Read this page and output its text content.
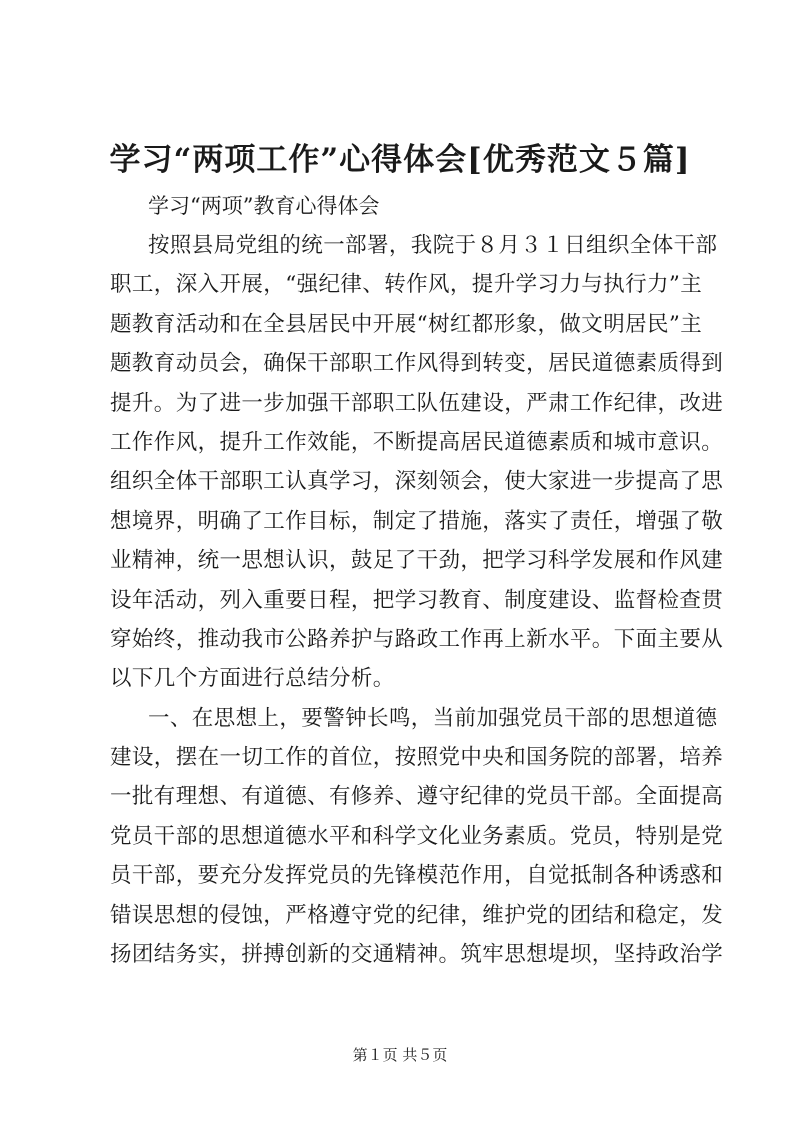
学习“两项工作”心得体会[优秀范文５篇]
学习“两项”教育心得体会
按照县局党组的统一部署，我院于８月３１日组织全体干部
职工，深入开展，“强纪律、转作风，提升学习力与执行力”主
题教育活动和在全县居民中开展“树红都形象，做文明居民”主
题教育动员会，确保干部职工作风得到转变，居民道德素质得到
提升。为了进一步加强干部职工队伍建设，严肃工作纪律，改进
工作作风，提升工作效能，不断提高居民道德素质和城市意识。
组织全体干部职工认真学习，深刻领会，使大家进一步提高了思
想境界，明确了工作目标，制定了措施，落实了责任，增强了敬
业精神，统一思想认识，鼓足了干劲，把学习科学发展和作风建
设年活动，列入重要日程，把学习教育、制度建设、监督检查贯
穿始终，推动我市公路养护与路政工作再上新水平。下面主要从
以下几个方面进行总结分析。
一、在思想上，要警钟长鸣，当前加强党员干部的思想道德
建设，摆在一切工作的首位，按照党中央和国务院的部署，培养
一批有理想、有道德、有修养、遵守纪律的党员干部。全面提高
党员干部的思想道德水平和科学文化业务素质。党员，特别是党
员干部，要充分发挥党员的先锋模范作用，自觉抵制各种诱惑和
错误思想的侵蚀，严格遵守党的纪律，维护党的团结和稳定，发
扬团结务实，拼搏创新的交通精神。筑牢思想堤坝，坚持政治学
第１页 共５页
